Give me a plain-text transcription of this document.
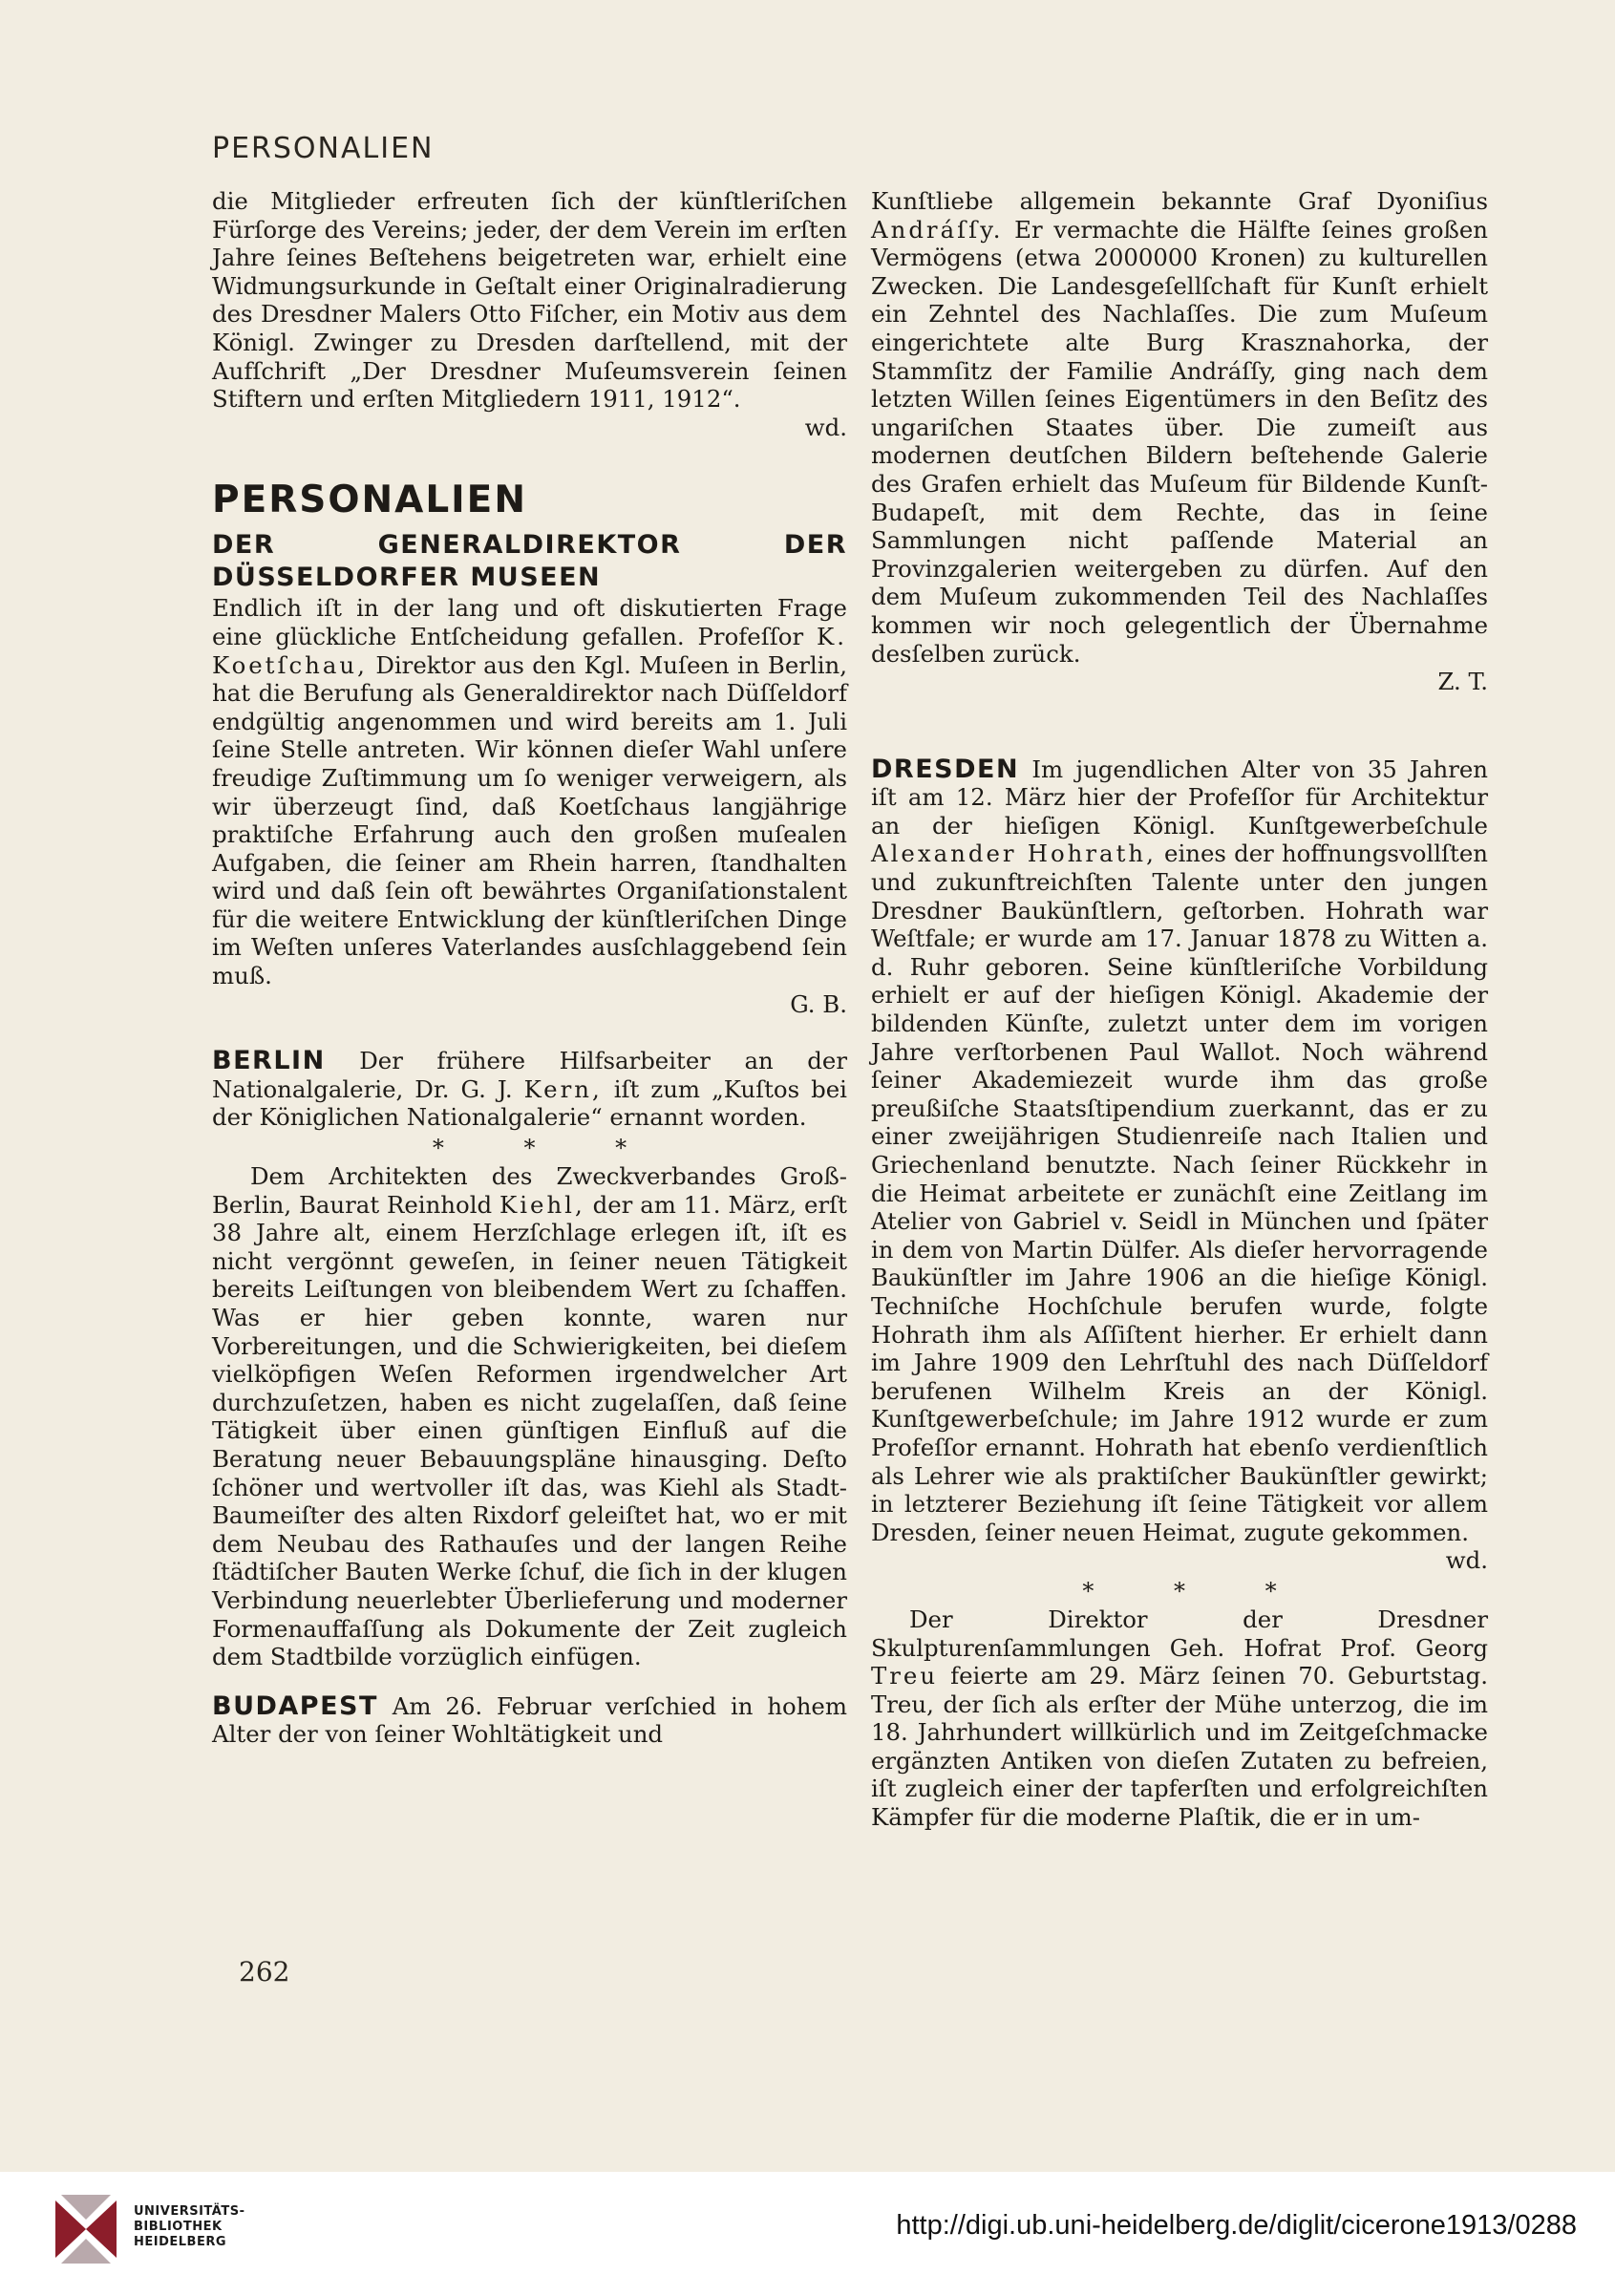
PERSONALIEN

die Mitglieder erfreuten ſich der künſtleriſchen Fürſorge des Vereins; jeder, der dem Verein im erſten Jahre ſeines Beſtehens beigetreten war, erhielt eine Widmungsurkunde in Geſtalt einer Originalradierung des Dresdner Malers Otto Fiſcher, ein Motiv aus dem Königl. Zwinger zu Dresden darſtellend, mit der Aufſchrift „Der Dresdner Muſeumsverein ſeinen Stiftern und erſten Mitgliedern 1911, 1912“.
wd.

PERSONALIEN

DER GENERALDIREKTOR DER DÜSSELDORFER MUSEEN
Endlich iſt in der lang und oft diskutierten Frage eine glückliche Entſcheidung gefallen. Profeſſor K. Koetſchau, Direktor aus den Kgl. Muſeen in Berlin, hat die Berufung als Generaldirektor nach Düſſeldorf endgültig angenommen und wird bereits am 1. Juli ſeine Stelle antreten. Wir können dieſer Wahl unſere freudige Zuſtimmung um ſo weniger verweigern, als wir überzeugt ſind, daß Koetſchaus langjährige praktiſche Erfahrung auch den großen muſealen Aufgaben, die ſeiner am Rhein harren, ſtandhalten wird und daß ſein oft bewährtes Organiſationstalent für die weitere Entwicklung der künſtleriſchen Dinge im Weſten unſeres Vaterlandes ausſchlaggebend ſein muß.
G. B.

BERLIN Der frühere Hilfsarbeiter an der Nationalgalerie, Dr. G. J. Kern, iſt zum „Kuſtos bei der Königlichen Nationalgalerie“ ernannt worden.

* * *

Dem Architekten des Zweckverbandes Groß-Berlin, Baurat Reinhold Kiehl, der am 11. März, erſt 38 Jahre alt, einem Herzſchlage erlegen iſt, iſt es nicht vergönnt geweſen, in ſeiner neuen Tätigkeit bereits Leiſtungen von bleibendem Wert zu ſchaffen. Was er hier geben konnte, waren nur Vorbereitungen, und die Schwierigkeiten, bei dieſem vielköpfigen Weſen Reformen irgendwelcher Art durchzuſetzen, haben es nicht zugelaſſen, daß ſeine Tätigkeit über einen günſtigen Einfluß auf die Beratung neuer Bebauungspläne hinausging. Deſto ſchöner und wertvoller iſt das, was Kiehl als Stadt-Baumeiſter des alten Rixdorf geleiſtet hat, wo er mit dem Neubau des Rathauſes und der langen Reihe ſtädtiſcher Bauten Werke ſchuf, die ſich in der klugen Verbindung neuerlebter Überlieferung und moderner Formenauffaſſung als Dokumente der Zeit zugleich dem Stadtbilde vorzüglich einfügen.

BUDAPEST Am 26. Februar verſchied in hohem Alter der von ſeiner Wohltätigkeit und

Kunſtliebe allgemein bekannte Graf Dyoniſius Andráſſy. Er vermachte die Hälfte ſeines großen Vermögens (etwa 2000000 Kronen) zu kulturellen Zwecken. Die Landesgeſellſchaft für Kunſt erhielt ein Zehntel des Nachlaſſes. Die zum Muſeum eingerichtete alte Burg Krasznahorka, der Stammſitz der Familie Andráſſy, ging nach dem letzten Willen ſeines Eigentümers in den Beſitz des ungariſchen Staates über. Die zumeiſt aus modernen deutſchen Bildern beſtehende Galerie des Grafen erhielt das Muſeum für Bildende Kunſt-Budapeſt, mit dem Rechte, das in ſeine Sammlungen nicht paſſende Material an Provinzgalerien weitergeben zu dürfen. Auf den dem Muſeum zukommenden Teil des Nachlaſſes kommen wir noch gelegentlich der Übernahme desſelben zurück.
Z. T.

DRESDEN Im jugendlichen Alter von 35 Jahren iſt am 12. März hier der Profeſſor für Architektur an der hieſigen Königl. Kunſtgewerbeſchule Alexander Hohrath, eines der hoffnungsvollſten und zukunftreichſten Talente unter den jungen Dresdner Baukünſtlern, geſtorben. Hohrath war Weſtfale; er wurde am 17. Januar 1878 zu Witten a. d. Ruhr geboren. Seine künſtleriſche Vorbildung erhielt er auf der hieſigen Königl. Akademie der bildenden Künſte, zuletzt unter dem im vorigen Jahre verſtorbenen Paul Wallot. Noch während ſeiner Akademiezeit wurde ihm das große preußiſche Staatsſtipendium zuerkannt, das er zu einer zweijährigen Studienreiſe nach Italien und Griechenland benutzte. Nach ſeiner Rückkehr in die Heimat arbeitete er zunächſt eine Zeitlang im Atelier von Gabriel v. Seidl in München und ſpäter in dem von Martin Dülfer. Als dieſer hervorragende Baukünſtler im Jahre 1906 an die hieſige Königl. Techniſche Hochſchule berufen wurde, folgte Hohrath ihm als Aſſiſtent hierher. Er erhielt dann im Jahre 1909 den Lehrſtuhl des nach Düſſeldorf berufenen Wilhelm Kreis an der Königl. Kunſtgewerbeſchule; im Jahre 1912 wurde er zum Profeſſor ernannt. Hohrath hat ebenſo verdienſtlich als Lehrer wie als praktiſcher Baukünſtler gewirkt; in letzterer Beziehung iſt ſeine Tätigkeit vor allem Dresden, ſeiner neuen Heimat, zugute gekommen.
wd.

* * *

Der Direktor der Dresdner Skulpturenſammlungen Geh. Hofrat Prof. Georg Treu feierte am 29. März ſeinen 70. Geburtstag. Treu, der ſich als erſter der Mühe unterzog, die im 18. Jahrhundert willkürlich und im Zeitgeſchmacke ergänzten Antiken von dieſen Zutaten zu befreien, iſt zugleich einer der tapferſten und erfolgreichſten Kämpfer für die moderne Plaſtik, die er in um-

262
UNIVERSITÄTS-
BIBLIOTHEK
HEIDELBERG
http://digi.ub.uni-heidelberg.de/diglit/cicerone1913/0288
